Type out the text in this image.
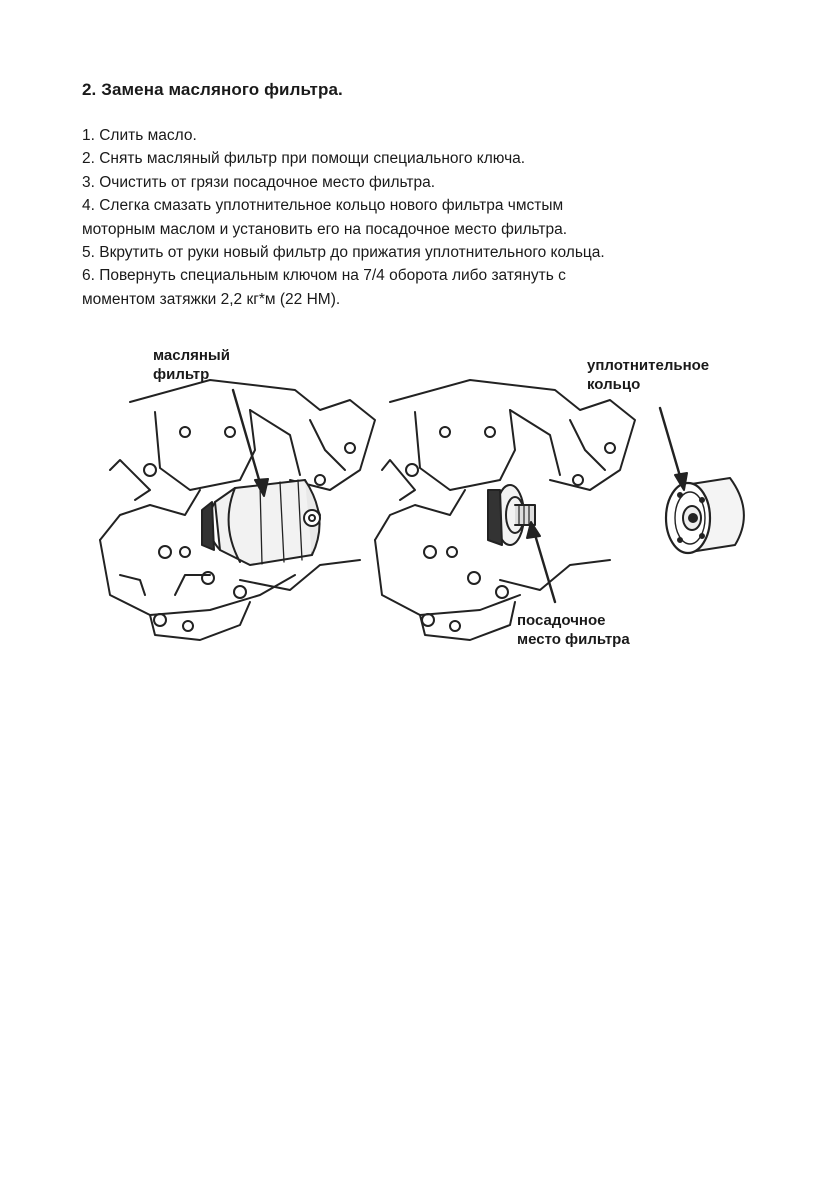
2. Замена масляного фильтра.

1. Слить масло.

2. Снять масляный фильтр при помощи специального ключа.

3. Очистить от грязи посадочное место фильтра.

4. Слегка смазать уплотнительное кольцо нового фильтра чмстым

моторным маслом и установить его на посадочное место фильтра.

5. Вкрутить от руки новый фильтр до прижатия уплотнительного кольца.

6. Повернуть специальным ключом на 7/4 оборота либо затянуть с

моментом затяжки 2,2 кг*м (22 НМ).

масляный
фильтр

уплотнительное
кольцо

посадочное
место фильтра
